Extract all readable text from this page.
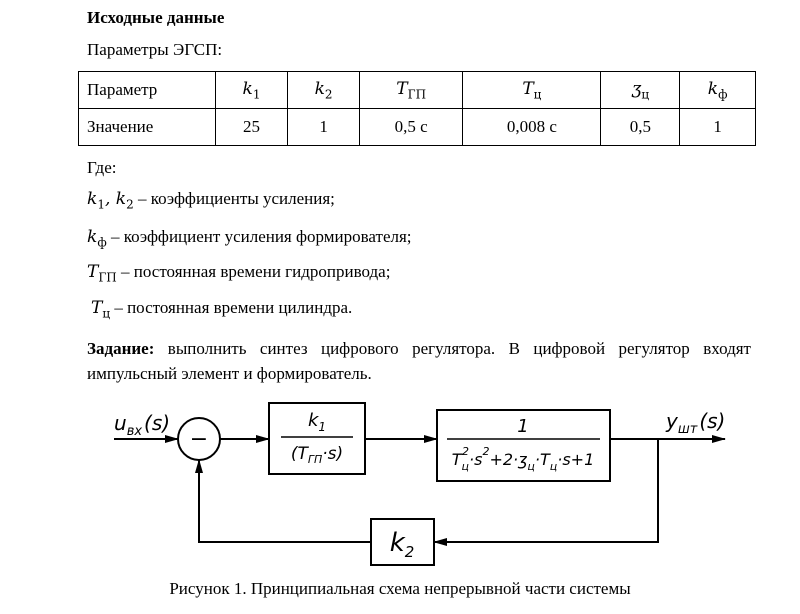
Исходные данные
Параметры ЭГСП:
Параметр	$k_1$	$k_2$	$T_{ГП}$	$T_ц$	ʒ$_ц$	$k_ф$
Значение	25	1	0,5 с	0,008 с	0,5	1
Где:
$k_1$, $k_2$ – коэффициенты усиления;
$k_ф$ – коэффициент усиления формирователя;
$T_{ГП}$ – постоянная времени гидропривода;
$T_ц$ – постоянная времени цилиндра.
Задание: выполнить синтез цифрового регулятора. В цифровой регулятор входят импульсный элемент и формирователь.
$u_{вх}$ (s)
−
$k_1$
$(T_{ГП}\cdot s)$
1
$T_ц2\cdot s^2+2\cdot ʒ_ц\cdot T_ц\cdot s+1$
$y_{шт}$ (s)
$k_2$
Рисунок 1. Принципиальная схема непрерывной части системы
